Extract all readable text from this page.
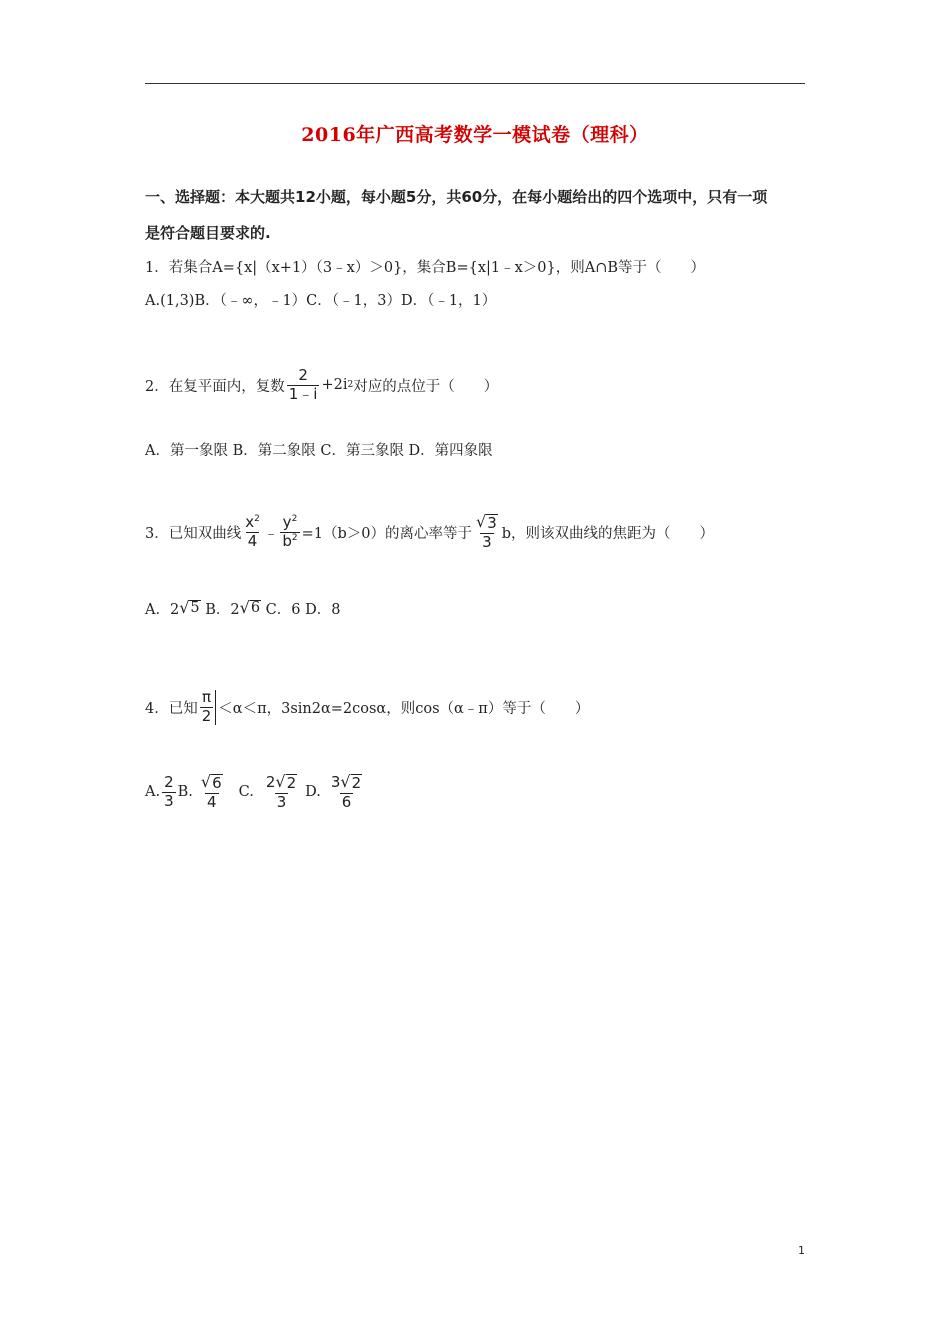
2016年广西高考数学一模试卷（理科）
一、选择题：本大题共12小题，每小题5分，共60分，在每小题给出的四个选项中，只有一项
是符合题目要求的.
1．若集合A={x|（x+1）（3﹣x）＞0}，集合B={x|1﹣x＞0}，则A∩B等于（　　）
A.(1,3)B．（﹣∞，﹣1）C．（﹣1，3）D．（﹣1，1）
2．在复平面内，复数 $\frac{2}{1﹣i} +2i$ 2 对应的点位于（　　）
A．第一象限 B．第二象限 C．第三象限 D．第四象限
3．已知双曲线 $\frac{x^2}{4}$ ﹣ $\frac{y^2}{b^2} =1(b>0)$的离心率等于 $\frac{√ 3}{3}$ b，则该双曲线的焦距为（　　）
A．2 √ 5 B．2 √ 6 C．6 D．8
4．已知 $\frac{\pi}{2} <\alpha<\pi$，3sin2α=2cosα，则cos（α﹣π）等于（　　）
A. $\frac{2}{3} B$. $\frac{√ 6}{4} C$. $\frac{2 √ 2}{3} D$. $\frac{3 √ 2}{6}$
1
